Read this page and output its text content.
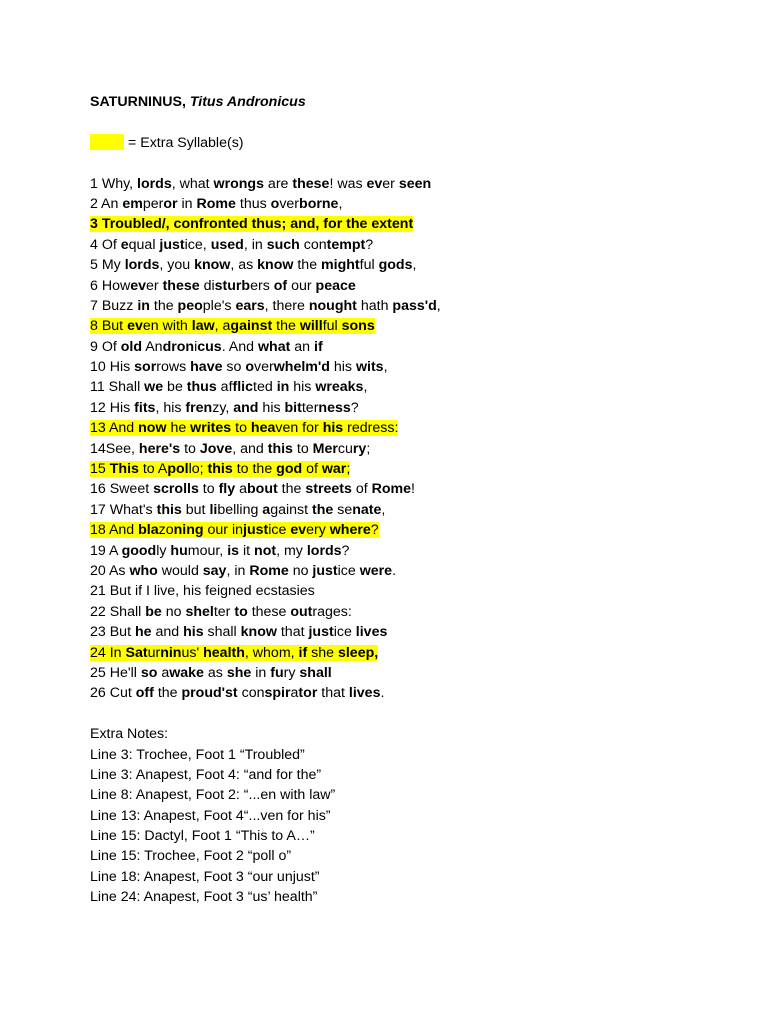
SATURNINUS, Titus Andronicus
= Extra Syllable(s)
1 Why, lords, what wrongs are these! was ever seen
2 An emperor in Rome thus overborne,
3 Troubled/, confronted thus; and, for the extent
4 Of equal justice, used, in such contempt?
5 My lords, you know, as know the mightful gods,
6 However these disturbers of our peace
7 Buzz in the people's ears, there nought hath pass'd,
8 But even with law, against the willful sons
9 Of old Andronicus. And what an if
10 His sorrows have so overwhelm'd his wits,
11 Shall we be thus afflicted in his wreaks,
12 His fits, his frenzy, and his bitterness?
13 And now he writes to heaven for his redress:
14See, here's to Jove, and this to Mercury;
15 This to Apollo; this to the god of war;
16 Sweet scrolls to fly about the streets of Rome!
17 What's this but libelling against the senate,
18 And blazoning our injustice every where?
19 A goodly humour, is it not, my lords?
20 As who would say, in Rome no justice were.
21 But if I live, his feigned ecstasies
22 Shall be no shelter to these outrages:
23 But he and his shall know that justice lives
24 In Saturninus' health, whom, if she sleep,
25 He'll so awake as she in fury shall
26 Cut off the proud'st conspirator that lives.
Extra Notes:
Line 3: Trochee, Foot 1 “Troubled”
Line 3: Anapest, Foot 4: “and for the”
Line 8: Anapest, Foot 2: “...en with law”
Line 13: Anapest, Foot 4“...ven for his”
Line 15: Dactyl, Foot 1 “This to A…”
Line 15: Trochee, Foot 2 “poll o”
Line 18: Anapest, Foot 3 “our unjust”
Line 24: Anapest, Foot 3 “us’ health”
